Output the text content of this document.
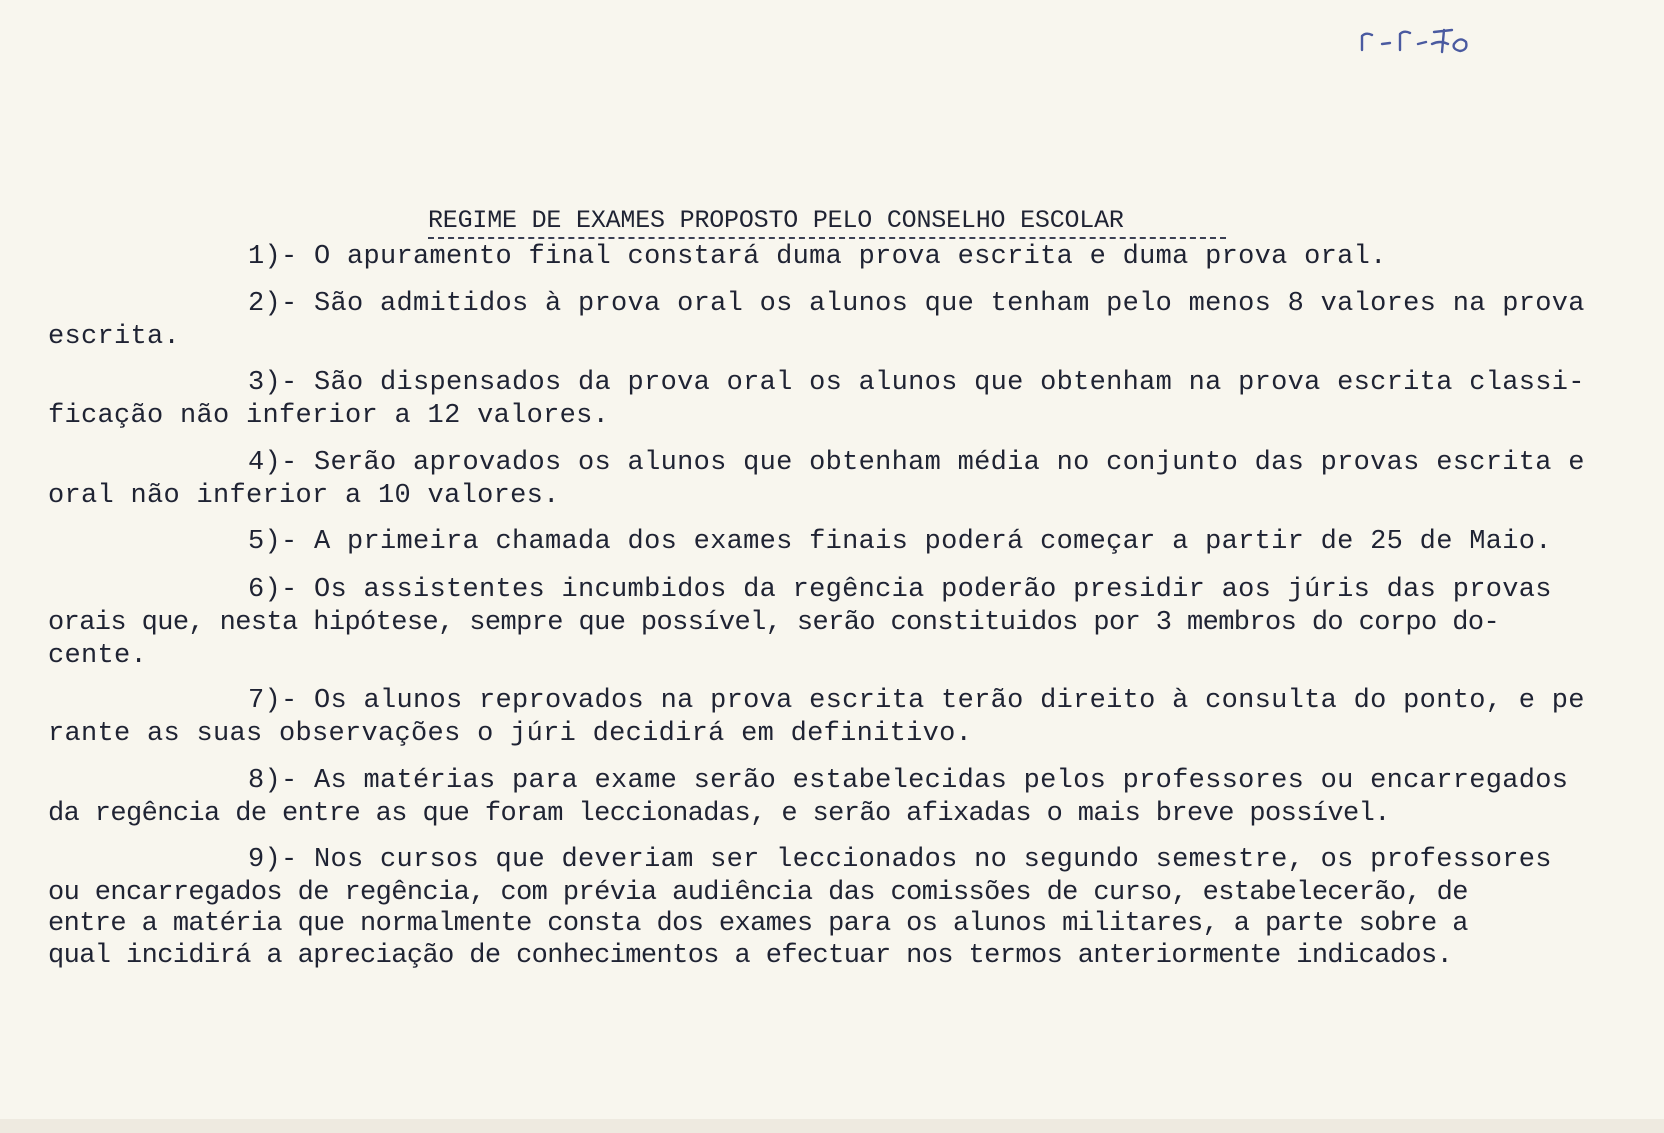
REGIME DE EXAMES PROPOSTO PELO CONSELHO ESCOLAR
1)- O apuramento final constará duma prova escrita e duma prova oral.
2)- São admitidos à prova oral os alunos que tenham pelo menos 8 valores na prova
escrita.
3)- São dispensados da prova oral os alunos que obtenham na prova escrita classi-
ficação não inferior a 12 valores.
4)- Serão aprovados os alunos que obtenham média no conjunto das provas escrita e
oral não inferior a 10 valores.
5)- A primeira chamada dos exames finais poderá começar a partir de 25 de Maio.
6)- Os assistentes incumbidos da regência poderão presidir aos júris das provas
orais que, nesta hipótese, sempre que possível, serão constituidos por 3 membros do corpo do-
cente.
7)- Os alunos reprovados na prova escrita terão direito à consulta do ponto, e pe
rante as suas observações o júri decidirá em definitivo.
8)- As matérias para exame serão estabelecidas pelos professores ou encarregados
da regência de entre as que foram leccionadas, e serão afixadas o mais breve possível.
9)- Nos cursos que deveriam ser leccionados no segundo semestre, os professores
ou encarregados de regência, com prévia audiência das comissões de curso, estabelecerão, de
entre a matéria que normalmente consta dos exames para os alunos militares, a parte sobre a
qual incidirá a apreciação de conhecimentos a efectuar nos termos anteriormente indicados.
